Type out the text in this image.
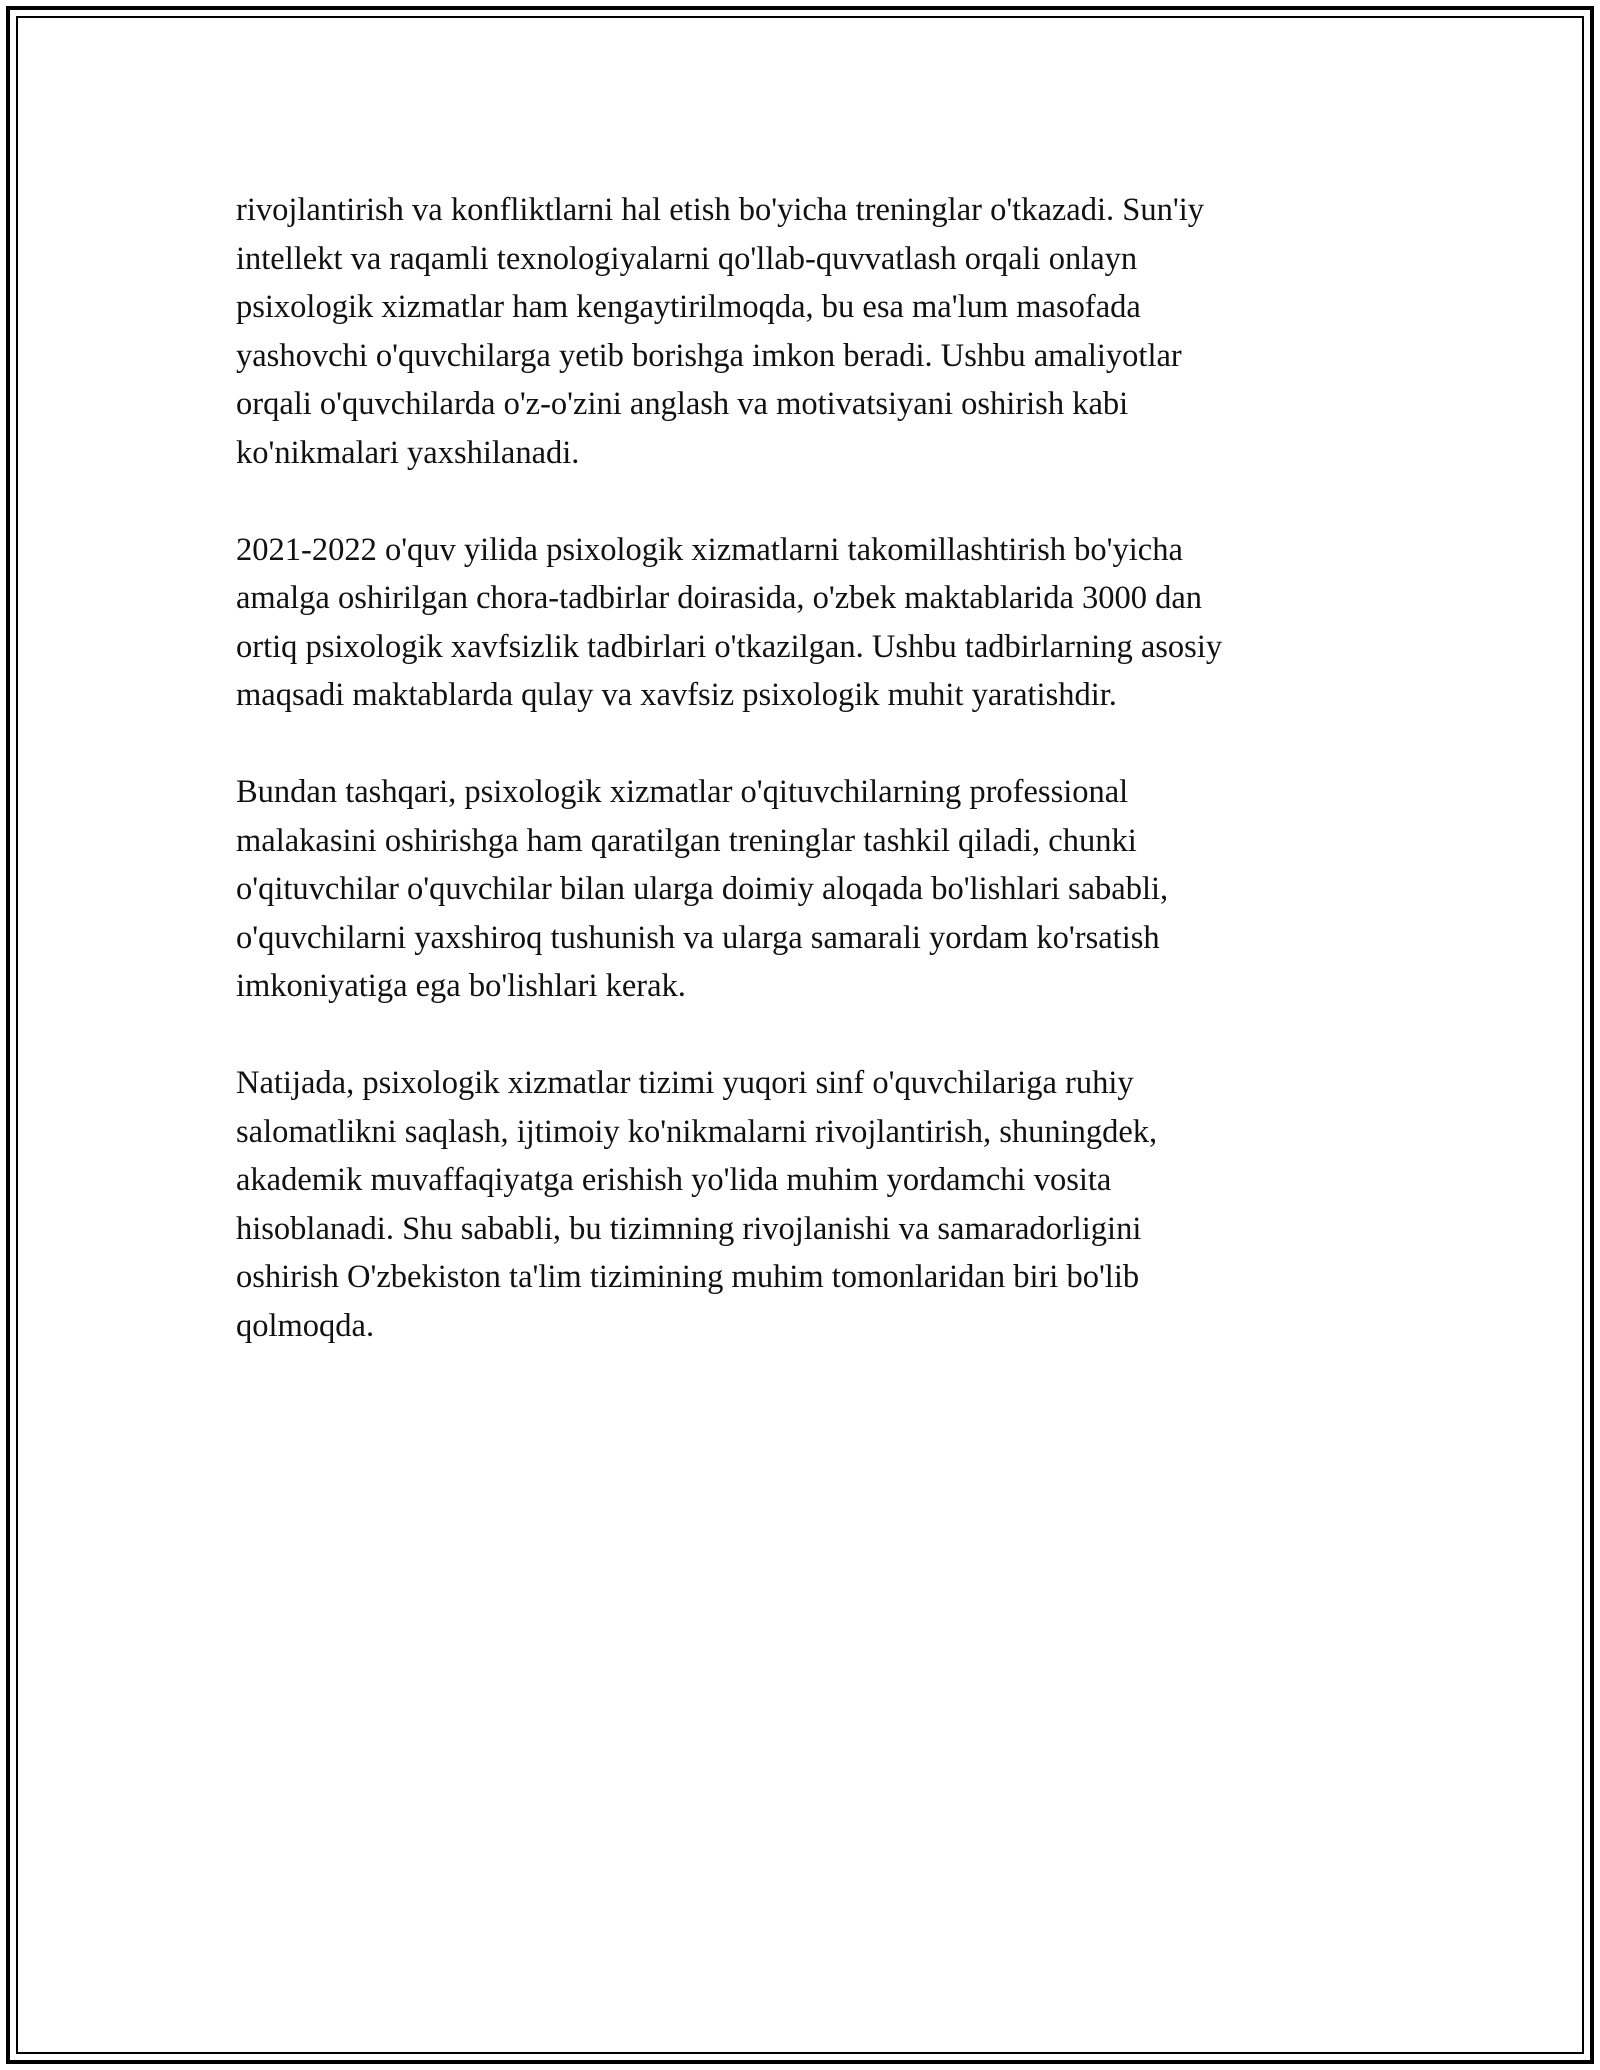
rivojlantirish va konfliktlarni hal etish bo'yicha treninglar o'tkazadi. Sun'iy
intellekt va raqamli texnologiyalarni qo'llab-quvvatlash orqali onlayn
psixologik xizmatlar ham kengaytirilmoqda, bu esa ma'lum masofada
yashovchi o'quvchilarga yetib borishga imkon beradi. Ushbu amaliyotlar
orqali o'quvchilarda o'z-o'zini anglash va motivatsiyani oshirish kabi
ko'nikmalari yaxshilanadi.

2021-2022 o'quv yilida psixologik xizmatlarni takomillashtirish bo'yicha
amalga oshirilgan chora-tadbirlar doirasida, o'zbek maktablarida 3000 dan
ortiq psixologik xavfsizlik tadbirlari o'tkazilgan. Ushbu tadbirlarning asosiy
maqsadi maktablarda qulay va xavfsiz psixologik muhit yaratishdir.

Bundan tashqari, psixologik xizmatlar o'qituvchilarning professional
malakasini oshirishga ham qaratilgan treninglar tashkil qiladi, chunki
o'qituvchilar o'quvchilar bilan ularga doimiy aloqada bo'lishlari sababli,
o'quvchilarni yaxshiroq tushunish va ularga samarali yordam ko'rsatish
imkoniyatiga ega bo'lishlari kerak.

Natijada, psixologik xizmatlar tizimi yuqori sinf o'quvchilariga ruhiy
salomatlikni saqlash, ijtimoiy ko'nikmalarni rivojlantirish, shuningdek,
akademik muvaffaqiyatga erishish yo'lida muhim yordamchi vosita
hisoblanadi. Shu sababli, bu tizimning rivojlanishi va samaradorligini
oshirish O'zbekiston ta'lim tizimining muhim tomonlaridan biri bo'lib
qolmoqda.
